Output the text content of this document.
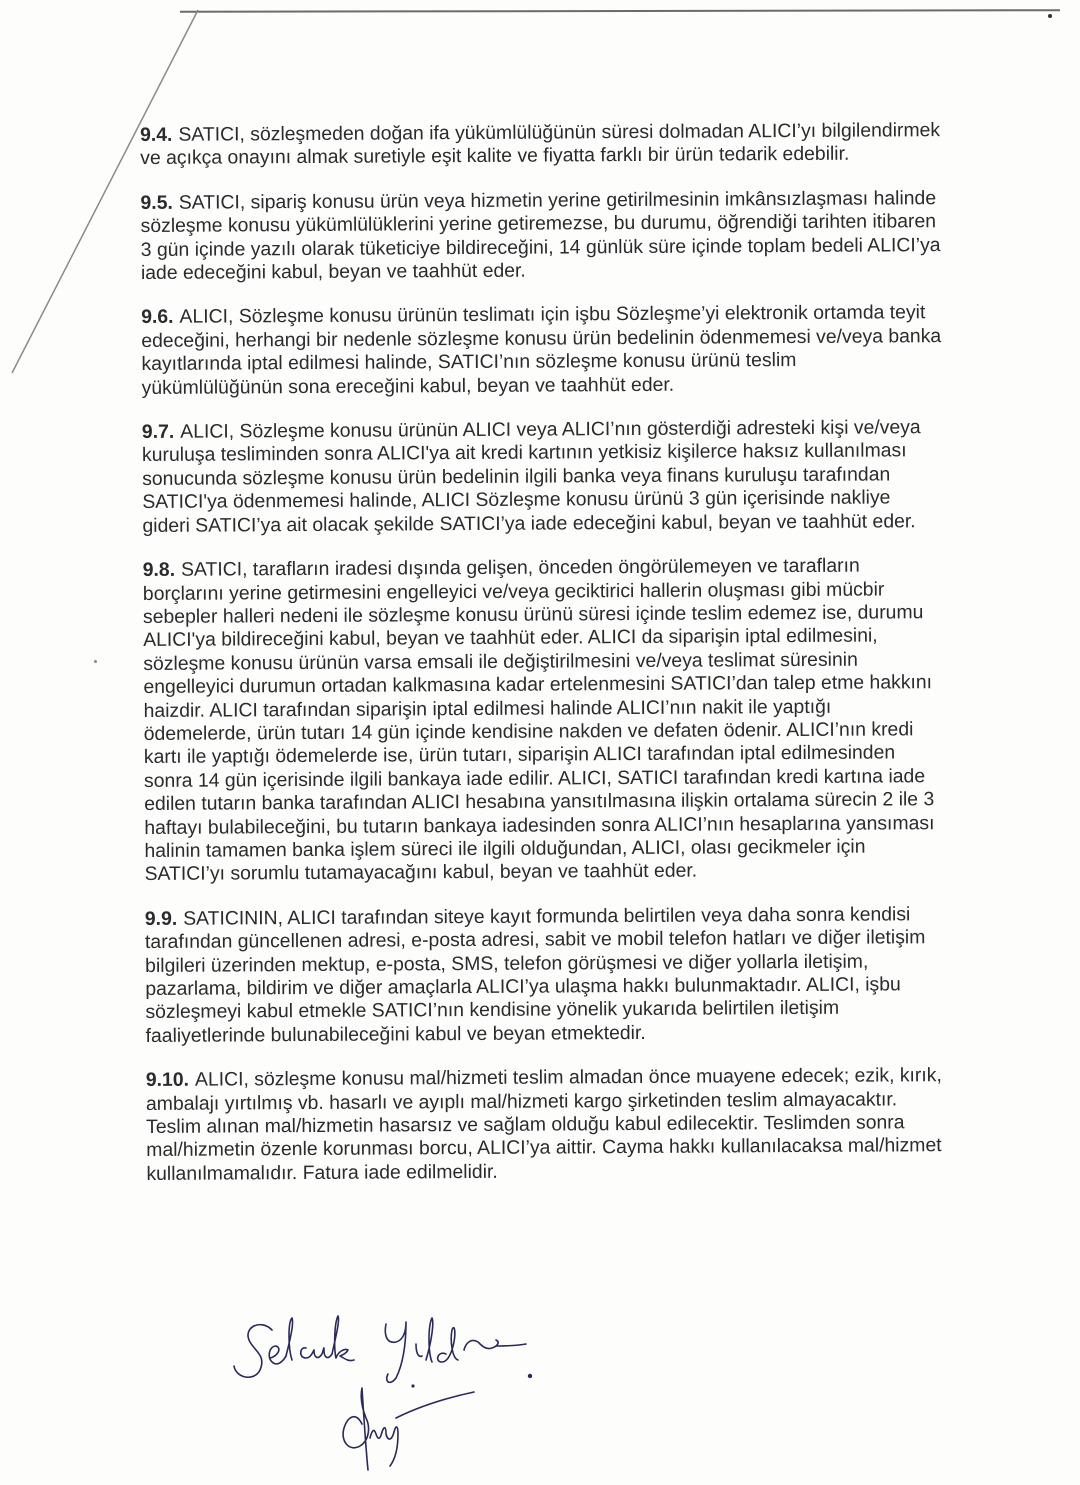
9.4. SATICI, sözleşmeden doğan ifa yükümlülüğünün süresi dolmadan ALICI’yı bilgilendirmek ve açıkça onayını almak suretiyle eşit kalite ve fiyatta farklı bir ürün tedarik edebilir.

9.5. SATICI, sipariş konusu ürün veya hizmetin yerine getirilmesinin imkânsızlaşması halinde sözleşme konusu yükümlülüklerini yerine getiremezse, bu durumu, öğrendiği tarihten itibaren 3 gün içinde yazılı olarak tüketiciye bildireceğini, 14 günlük süre içinde toplam bedeli ALICI’ya iade edeceğini kabul, beyan ve taahhüt eder.

9.6. ALICI, Sözleşme konusu ürünün teslimatı için işbu Sözleşme’yi elektronik ortamda teyit edeceğini, herhangi bir nedenle sözleşme konusu ürün bedelinin ödenmemesi ve/veya banka kayıtlarında iptal edilmesi halinde, SATICI’nın sözleşme konusu ürünü teslim yükümlülüğünün sona ereceğini kabul, beyan ve taahhüt eder.

9.7. ALICI, Sözleşme konusu ürünün ALICI veya ALICI’nın gösterdiği adresteki kişi ve/veya kuruluşa tesliminden sonra ALICI'ya ait kredi kartının yetkisiz kişilerce haksız kullanılması sonucunda sözleşme konusu ürün bedelinin ilgili banka veya finans kuruluşu tarafından SATICI'ya ödenmemesi halinde, ALICI Sözleşme konusu ürünü 3 gün içerisinde nakliye gideri SATICI’ya ait olacak şekilde SATICI’ya iade edeceğini kabul, beyan ve taahhüt eder.

9.8. SATICI, tarafların iradesi dışında gelişen, önceden öngörülemeyen ve tarafların borçlarını yerine getirmesini engelleyici ve/veya geciktirici hallerin oluşması gibi mücbir sebepler halleri nedeni ile sözleşme konusu ürünü süresi içinde teslim edemez ise, durumu ALICI'ya bildireceğini kabul, beyan ve taahhüt eder. ALICI da siparişin iptal edilmesini, sözleşme konusu ürünün varsa emsali ile değiştirilmesini ve/veya teslimat süresinin engelleyici durumun ortadan kalkmasına kadar ertelenmesini SATICI’dan talep etme hakkını haizdir. ALICI tarafından siparişin iptal edilmesi halinde ALICI’nın nakit ile yaptığı ödemelerde, ürün tutarı 14 gün içinde kendisine nakden ve defaten ödenir. ALICI’nın kredi kartı ile yaptığı ödemelerde ise, ürün tutarı, siparişin ALICI tarafından iptal edilmesinden sonra 14 gün içerisinde ilgili bankaya iade edilir. ALICI, SATICI tarafından kredi kartına iade edilen tutarın banka tarafından ALICI hesabına yansıtılmasına ilişkin ortalama sürecin 2 ile 3 haftayı bulabileceğini, bu tutarın bankaya iadesinden sonra ALICI’nın hesaplarına yansıması halinin tamamen banka işlem süreci ile ilgili olduğundan, ALICI, olası gecikmeler için SATICI’yı sorumlu tutamayacağını kabul, beyan ve taahhüt eder.

9.9. SATICININ, ALICI tarafından siteye kayıt formunda belirtilen veya daha sonra kendisi tarafından güncellenen adresi, e-posta adresi, sabit ve mobil telefon hatları ve diğer iletişim bilgileri üzerinden mektup, e-posta, SMS, telefon görüşmesi ve diğer yollarla iletişim, pazarlama, bildirim ve diğer amaçlarla ALICI’ya ulaşma hakkı bulunmaktadır. ALICI, işbu sözleşmeyi kabul etmekle SATICI’nın kendisine yönelik yukarıda belirtilen iletişim faaliyetlerinde bulunabileceğini kabul ve beyan etmektedir.

9.10. ALICI, sözleşme konusu mal/hizmeti teslim almadan önce muayene edecek; ezik, kırık, ambalajı yırtılmış vb. hasarlı ve ayıplı mal/hizmeti kargo şirketinden teslim almayacaktır. Teslim alınan mal/hizmetin hasarsız ve sağlam olduğu kabul edilecektir. Teslimden sonra mal/hizmetin özenle korunması borcu, ALICI’ya aittir. Cayma hakkı kullanılacaksa mal/hizmet kullanılmamalıdır. Fatura iade edilmelidir.
